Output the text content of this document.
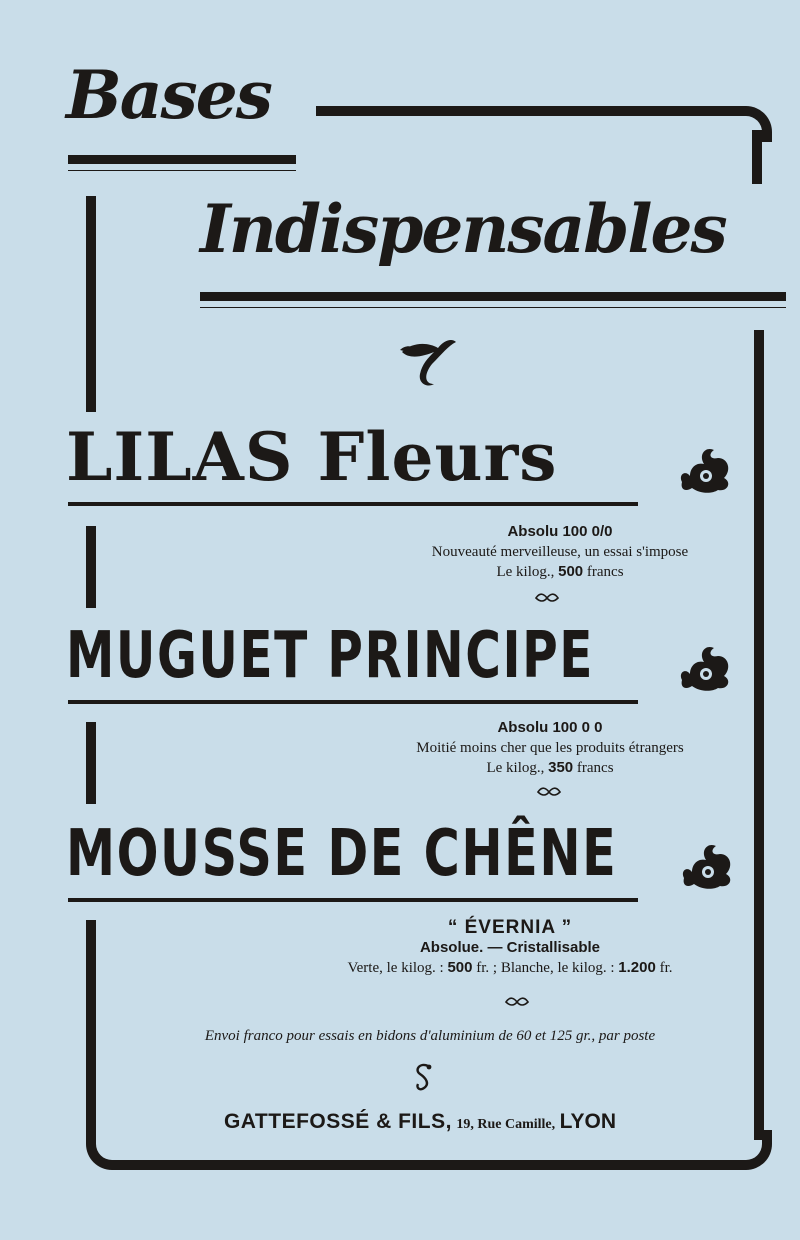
Bases
Indispensables
LILAS Fleurs
Absolu 100 0/0
Nouveauté merveilleuse, un essai s'impose
Le kilog., 500 francs
MUGUET PRINCIPE
Absolu 100 0 0
Moitié moins cher que les produits étrangers
Le kilog., 350 francs
MOUSSE DE CHÊNE
“ ÉVERNIA ”
Absolue. — Cristallisable
Verte, le kilog. : 500 fr. ; Blanche, le kilog. : 1.200 fr.
Envoi franco pour essais en bidons d'aluminium de 60 et 125 gr., par poste
GATTEFOSSÉ & FILS, 19, Rue Camille, LYON
